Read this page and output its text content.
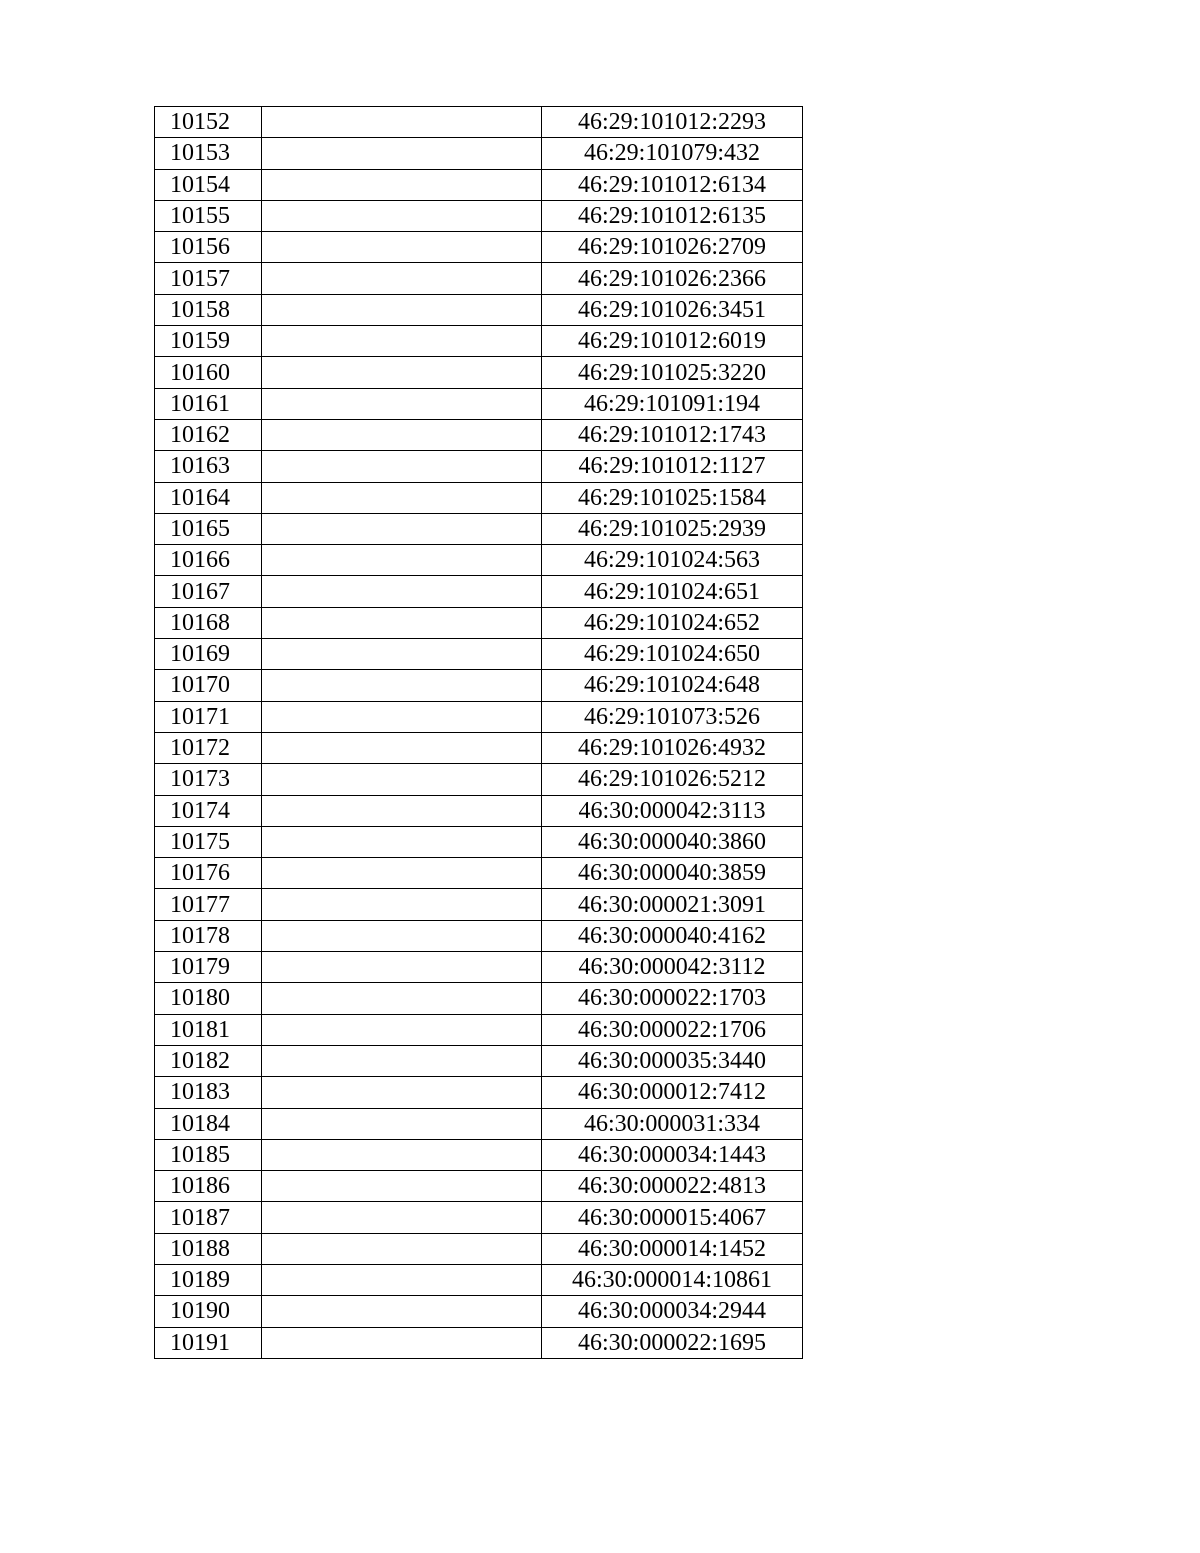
10152		46:29:101012:2293
10153		46:29:101079:432
10154		46:29:101012:6134
10155		46:29:101012:6135
10156		46:29:101026:2709
10157		46:29:101026:2366
10158		46:29:101026:3451
10159		46:29:101012:6019
10160		46:29:101025:3220
10161		46:29:101091:194
10162		46:29:101012:1743
10163		46:29:101012:1127
10164		46:29:101025:1584
10165		46:29:101025:2939
10166		46:29:101024:563
10167		46:29:101024:651
10168		46:29:101024:652
10169		46:29:101024:650
10170		46:29:101024:648
10171		46:29:101073:526
10172		46:29:101026:4932
10173		46:29:101026:5212
10174		46:30:000042:3113
10175		46:30:000040:3860
10176		46:30:000040:3859
10177		46:30:000021:3091
10178		46:30:000040:4162
10179		46:30:000042:3112
10180		46:30:000022:1703
10181		46:30:000022:1706
10182		46:30:000035:3440
10183		46:30:000012:7412
10184		46:30:000031:334
10185		46:30:000034:1443
10186		46:30:000022:4813
10187		46:30:000015:4067
10188		46:30:000014:1452
10189		46:30:000014:10861
10190		46:30:000034:2944
10191		46:30:000022:1695
